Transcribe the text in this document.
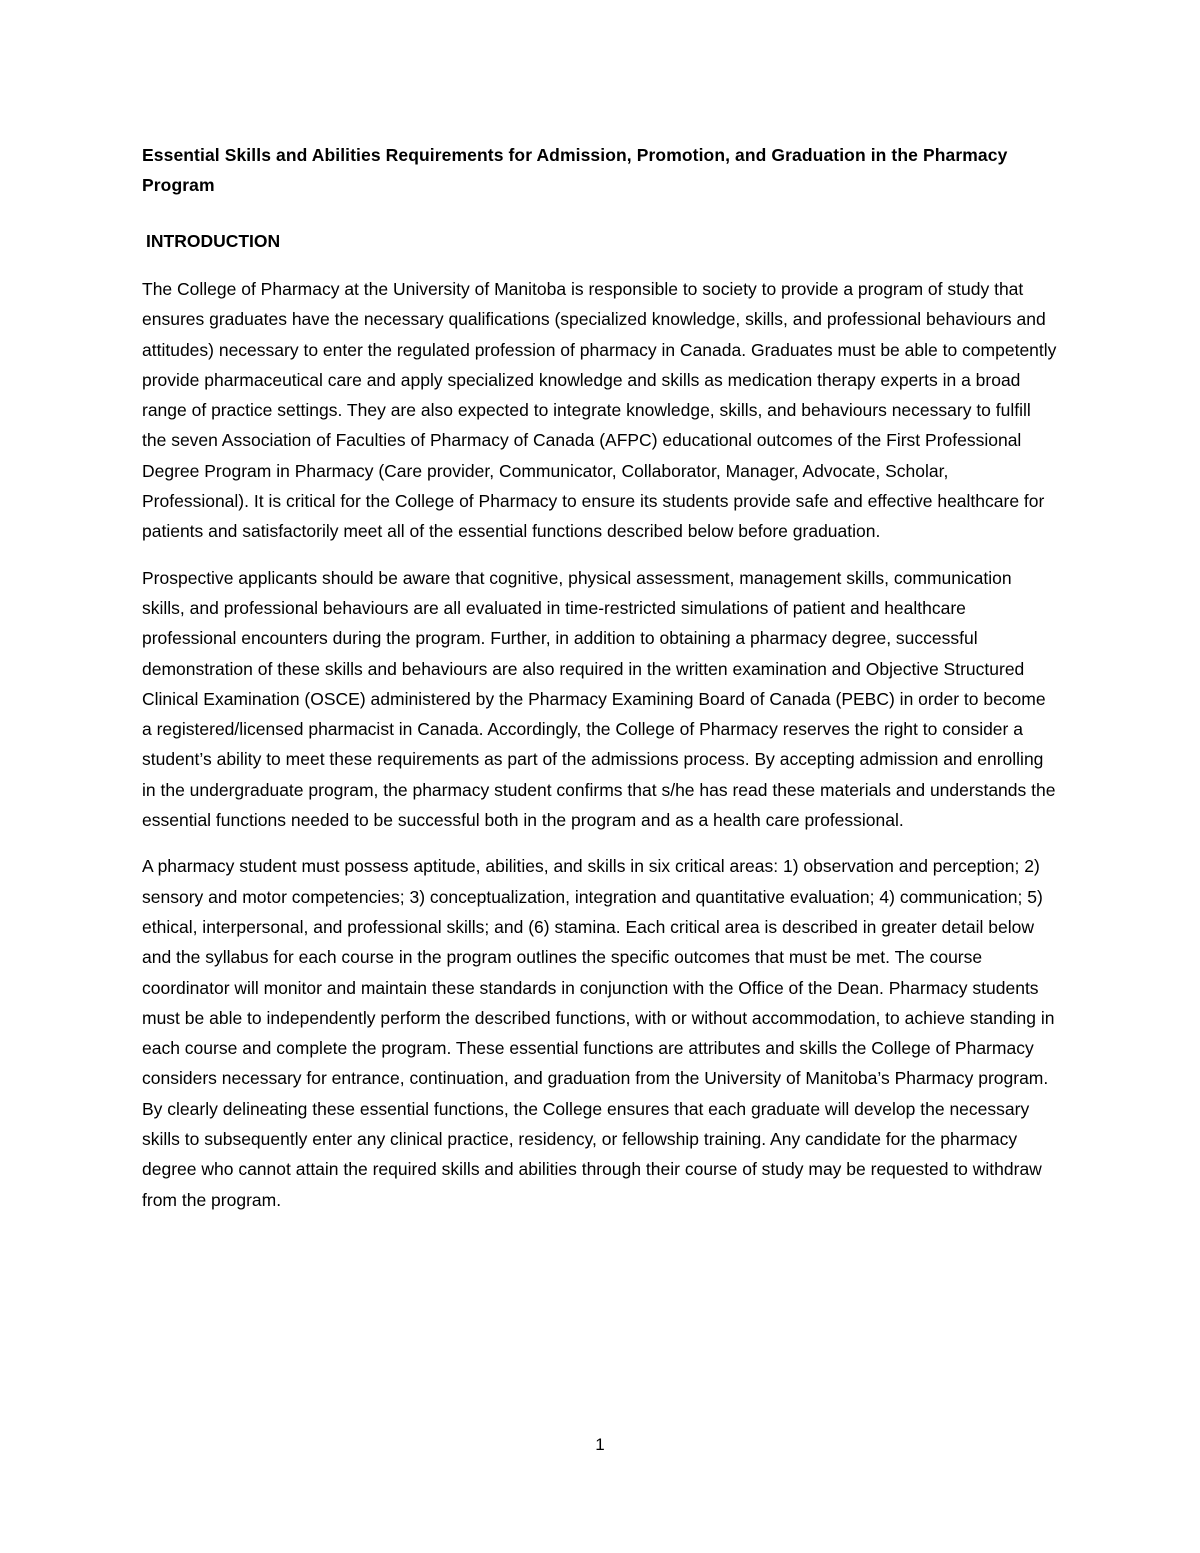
Essential Skills and Abilities Requirements for Admission, Promotion, and Graduation in the Pharmacy Program
INTRODUCTION

The College of Pharmacy at the University of Manitoba is responsible to society to provide a program of study that ensures graduates have the necessary qualifications (specialized knowledge, skills, and professional behaviours and attitudes) necessary to enter the regulated profession of pharmacy in Canada. Graduates must be able to competently provide pharmaceutical care and apply specialized knowledge and skills as medication therapy experts in a broad range of practice settings. They are also expected to integrate knowledge, skills, and behaviours necessary to fulfill the seven Association of Faculties of Pharmacy of Canada (AFPC) educational outcomes of the First Professional Degree Program in Pharmacy (Care provider, Communicator, Collaborator, Manager, Advocate, Scholar, Professional). It is critical for the College of Pharmacy to ensure its students provide safe and effective healthcare for patients and satisfactorily meet all of the essential functions described below before graduation.

Prospective applicants should be aware that cognitive, physical assessment, management skills, communication skills, and professional behaviours are all evaluated in time-restricted simulations of patient and healthcare professional encounters during the program. Further, in addition to obtaining a pharmacy degree, successful demonstration of these skills and behaviours are also required in the written examination and Objective Structured Clinical Examination (OSCE) administered by the Pharmacy Examining Board of Canada (PEBC) in order to become a registered/licensed pharmacist in Canada. Accordingly, the College of Pharmacy reserves the right to consider a student’s ability to meet these requirements as part of the admissions process. By accepting admission and enrolling in the undergraduate program, the pharmacy student confirms that s/he has read these materials and understands the essential functions needed to be successful both in the program and as a health care professional.

A pharmacy student must possess aptitude, abilities, and skills in six critical areas: 1) observation and perception; 2) sensory and motor competencies; 3) conceptualization, integration and quantitative evaluation; 4) communication; 5) ethical, interpersonal, and professional skills; and (6) stamina. Each critical area is described in greater detail below and the syllabus for each course in the program outlines the specific outcomes that must be met. The course coordinator will monitor and maintain these standards in conjunction with the Office of the Dean. Pharmacy students must be able to independently perform the described functions, with or without accommodation, to achieve standing in each course and complete the program. These essential functions are attributes and skills the College of Pharmacy considers necessary for entrance, continuation, and graduation from the University of Manitoba’s Pharmacy program. By clearly delineating these essential functions, the College ensures that each graduate will develop the necessary skills to subsequently enter any clinical practice, residency, or fellowship training. Any candidate for the pharmacy degree who cannot attain the required skills and abilities through their course of study may be requested to withdraw from the program.

1
